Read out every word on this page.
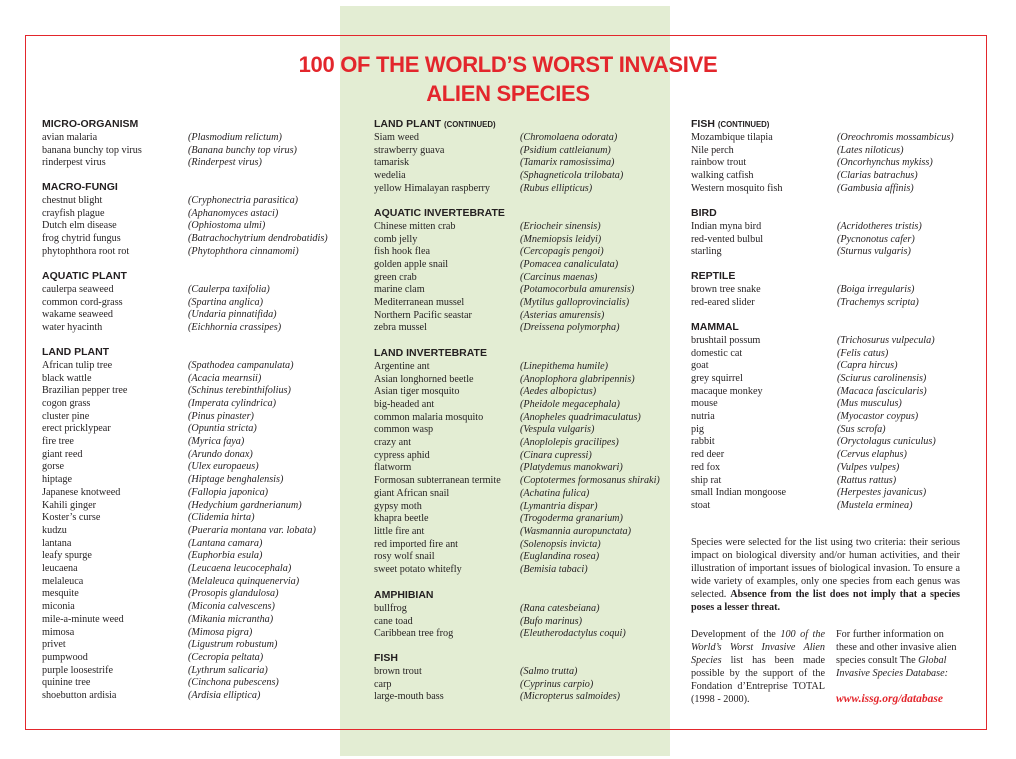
100 OF THE WORLD’S WORST INVASIVE
ALIEN SPECIES
MICRO-ORGANISM
avian malaria	(Plasmodium relictum)
banana bunchy top virus	(Banana bunchy top virus)
rinderpest virus	(Rinderpest virus)
MACRO-FUNGI
chestnut blight	(Cryphonectria parasitica)
crayfish plague	(Aphanomyces astaci)
Dutch elm disease	(Ophiostoma ulmi)
frog chytrid fungus	(Batrachochytrium dendrobatidis)
phytophthora root rot	(Phytophthora cinnamomi)
AQUATIC PLANT
caulerpa seaweed	(Caulerpa taxifolia)
common cord-grass	(Spartina anglica)
wakame seaweed	(Undaria pinnatifida)
water hyacinth	(Eichhornia crassipes)
LAND PLANT
African tulip tree	(Spathodea campanulata)
black wattle	(Acacia mearnsii)
Brazilian pepper tree	(Schinus terebinthifolius)
cogon grass	(Imperata cylindrica)
cluster pine	(Pinus pinaster)
erect pricklypear	(Opuntia stricta)
fire tree	(Myrica faya)
giant reed	(Arundo donax)
gorse	(Ulex europaeus)
hiptage	(Hiptage benghalensis)
Japanese knotweed	(Fallopia japonica)
Kahili ginger	(Hedychium gardnerianum)
Koster’s curse	(Clidemia hirta)
kudzu	(Pueraria montana var. lobata)
lantana	(Lantana camara)
leafy spurge	(Euphorbia esula)
leucaena	(Leucaena leucocephala)
melaleuca	(Melaleuca quinquenervia)
mesquite	(Prosopis glandulosa)
miconia	(Miconia calvescens)
mile-a-minute weed	(Mikania micrantha)
mimosa	(Mimosa pigra)
privet	(Ligustrum robustum)
pumpwood	(Cecropia peltata)
purple loosestrife	(Lythrum salicaria)
quinine tree	(Cinchona pubescens)
shoebutton ardisia	(Ardisia elliptica)
LAND PLANT (CONTINUED)
Siam weed	(Chromolaena odorata)
strawberry guava	(Psidium cattleianum)
tamarisk	(Tamarix ramosissima)
wedelia	(Sphagneticola trilobata)
yellow Himalayan raspberry	(Rubus ellipticus)
AQUATIC INVERTEBRATE
Chinese mitten crab	(Eriocheir sinensis)
comb jelly	(Mnemiopsis leidyi)
fish hook flea	(Cercopagis pengoi)
golden apple snail	(Pomacea canaliculata)
green crab	(Carcinus maenas)
marine clam	(Potamocorbula amurensis)
Mediterranean mussel	(Mytilus galloprovincialis)
Northern Pacific seastar	(Asterias amurensis)
zebra mussel	(Dreissena polymorpha)
LAND INVERTEBRATE
Argentine ant	(Linepithema humile)
Asian longhorned beetle	(Anoplophora glabripennis)
Asian tiger mosquito	(Aedes albopictus)
big-headed ant	(Pheidole megacephala)
common malaria mosquito	(Anopheles quadrimaculatus)
common wasp	(Vespula vulgaris)
crazy ant	(Anoplolepis gracilipes)
cypress aphid	(Cinara cupressi)
flatworm	(Platydemus manokwari)
Formosan subterranean termite (Coptotermes formosanus shiraki)
giant African snail	(Achatina fulica)
gypsy moth	(Lymantria dispar)
khapra beetle	(Trogoderma granarium)
little fire ant	(Wasmannia auropunctata)
red imported fire ant	(Solenopsis invicta)
rosy wolf snail	(Euglandina rosea)
sweet potato whitefly	(Bemisia tabaci)
AMPHIBIAN
bullfrog	(Rana catesbeiana)
cane toad	(Bufo marinus)
Caribbean tree frog	(Eleutherodactylus coqui)
FISH
brown trout	(Salmo trutta)
carp	(Cyprinus carpio)
large-mouth bass	(Micropterus salmoides)
FISH (CONTINUED)
Mozambique tilapia	(Oreochromis mossambicus)
Nile perch	(Lates niloticus)
rainbow trout	(Oncorhynchus mykiss)
walking catfish	(Clarias batrachus)
Western mosquito fish	(Gambusia affinis)
BIRD
Indian myna bird	(Acridotheres tristis)
red-vented bulbul	(Pycnonotus cafer)
starling	(Sturnus vulgaris)
REPTILE
brown tree snake	(Boiga irregularis)
red-eared slider	(Trachemys scripta)
MAMMAL
brushtail possum	(Trichosurus vulpecula)
domestic cat	(Felis catus)
goat	(Capra hircus)
grey squirrel	(Sciurus carolinensis)
macaque monkey	(Macaca fascicularis)
mouse	(Mus musculus)
nutria	(Myocastor coypus)
pig	(Sus scrofa)
rabbit	(Oryctolagus cuniculus)
red deer	(Cervus elaphus)
red fox	(Vulpes vulpes)
ship rat	(Rattus rattus)
small Indian mongoose	(Herpestes javanicus)
stoat	(Mustela erminea)

Species were selected for the list using two criteria: their serious impact on biological diversity and/or human activities, and their illustration of important issues of biological invasion. To ensure a wide variety of examples, only one species from each genus was selected. Absence from the list does not imply that a species poses a lesser threat.

Development of the 100 of the World’s Worst Invasive Alien Species list has been made possible by the support of the Fondation d’Entreprise TOTAL (1998 - 2000).

For further information on these and other invasive alien species consult The Global Invasive Species Database:

www.issg.org/database
